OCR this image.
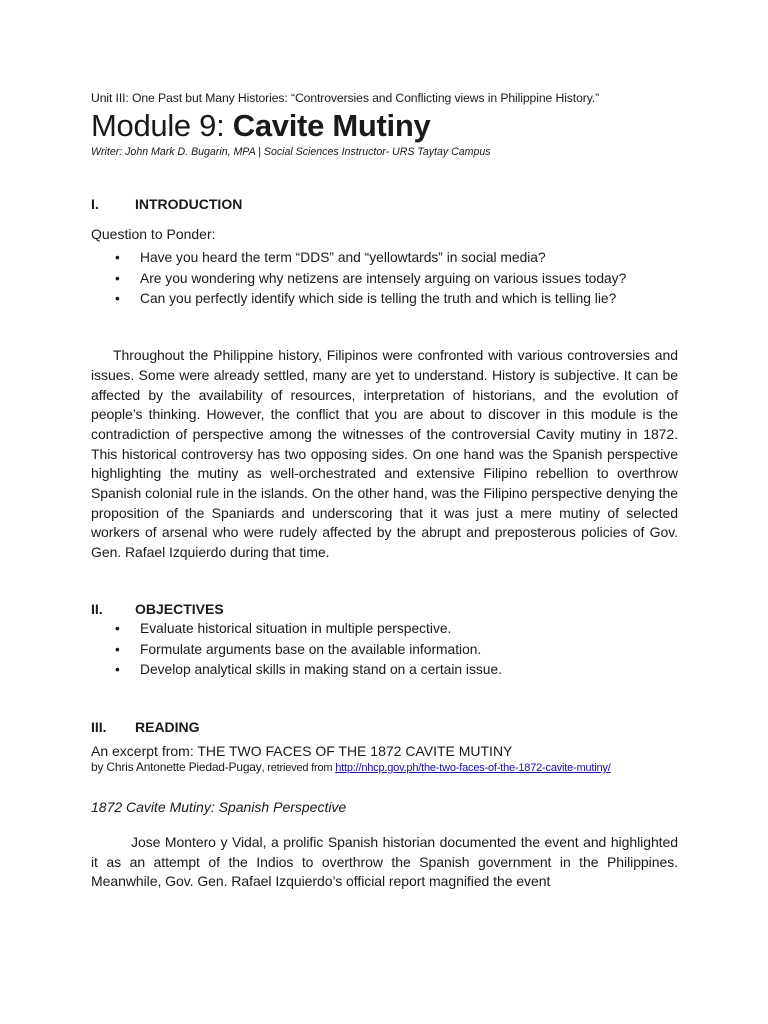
Unit III: One Past but Many Histories: “Controversies and Conflicting views in Philippine History.”
Module 9: Cavite Mutiny
Writer: John Mark D. Bugarin, MPA | Social Sciences Instructor- URS Taytay Campus
I.	INTRODUCTION
Question to Ponder:
•	Have you heard the term “DDS” and “yellowtards” in social media?
•	Are you wondering why netizens are intensely arguing on various issues today?
•	Can you perfectly identify which side is telling the truth and which is telling lie?

Throughout the Philippine history, Filipinos were confronted with various controversies and issues. Some were already settled, many are yet to understand. History is subjective. It can be affected by the availability of resources, interpretation of historians, and the evolution of people’s thinking. However, the conflict that you are about to discover in this module is the contradiction of perspective among the witnesses of the controversial Cavity mutiny in 1872. This historical controversy has two opposing sides. On one hand was the Spanish perspective highlighting the mutiny as well-orchestrated and extensive Filipino rebellion to overthrow Spanish colonial rule in the islands. On the other hand, was the Filipino perspective denying the proposition of the Spaniards and underscoring that it was just a mere mutiny of selected workers of arsenal who were rudely affected by the abrupt and preposterous policies of Gov. Gen. Rafael Izquierdo during that time.

II.	OBJECTIVES
•	Evaluate historical situation in multiple perspective.
•	Formulate arguments base on the available information.
•	Develop analytical skills in making stand on a certain issue.
III.	READING
An excerpt from: THE TWO FACES OF THE 1872 CAVITE MUTINY
by Chris Antonette Piedad-Pugay, retrieved from http://nhcp.gov.ph/the-two-faces-of-the-1872-cavite-mutiny/
1872 Cavite Mutiny: Spanish Perspective

Jose Montero y Vidal, a prolific Spanish historian documented the event and highlighted it as an attempt of the Indios to overthrow the Spanish government in the Philippines. Meanwhile, Gov. Gen. Rafael Izquierdo’s official report magnified the event
